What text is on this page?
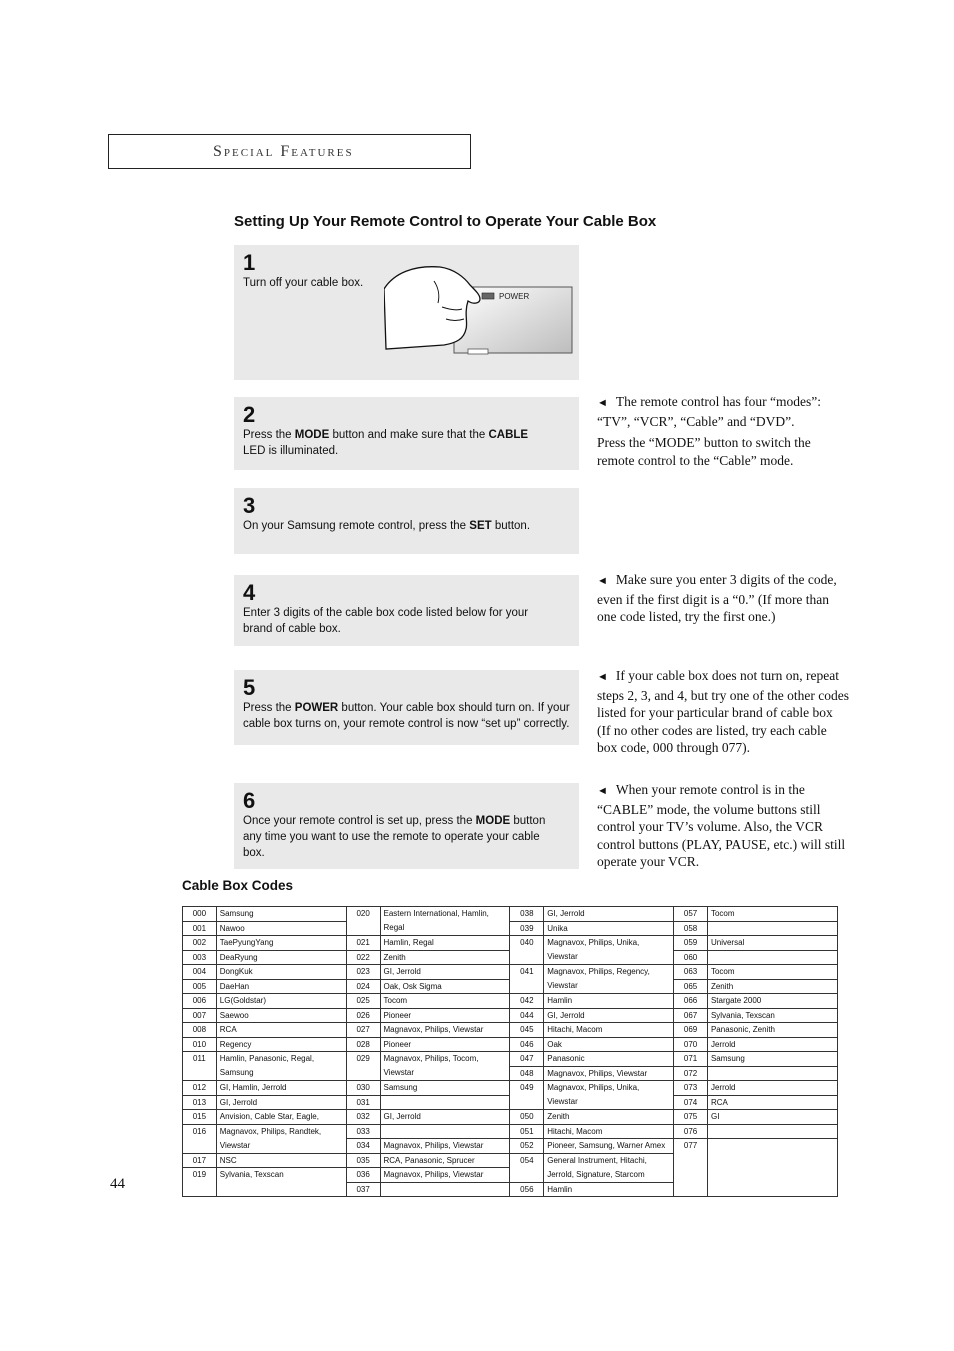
Special Features
Setting Up Your Remote Control to Operate Your Cable Box
1
Turn off your cable box.
POWER
2
Press the MODE button and make sure that the CABLE LED is illuminated.
3
On your Samsung remote control, press the SET button.
4
Enter 3 digits of the cable box code listed below for your brand of cable box.
5
Press the POWER button. Your cable box should turn on. If your cable box turns on, your remote control is now “set up” correctly.
6
Once your remote control is set up, press the MODE button any time you want to use the remote to operate your cable box.

◄ The remote control has four “modes”: “TV”, “VCR”, “Cable” and “DVD”.

Press the “MODE” button to switch the remote control to the “Cable” mode.

◄ Make sure you enter 3 digits of the code, even if the first digit is a “0.” (If more than one code listed, try the first one.)

◄ If your cable box does not turn on, repeat steps 2, 3, and 4, but try one of the other codes listed for your particular brand of cable box (If no other codes are listed, try each cable box code, 000 through 077).

◄ When your remote control is in the “CABLE” mode, the volume buttons still control your TV’s volume. Also, the VCR control buttons (PLAY, PAUSE, etc.) will still operate your VCR.

Cable Box Codes
000	Samsung	020	Eastern International, Hamlin,	038	GI, Jerrold	057	Tocom
001	Nawoo		Regal	039	Unika	058	
002	TaePyungYang	021	Hamlin, Regal	040	Magnavox, Philips, Unika,	059	Universal
003	DeaRyung	022	Zenith		Viewstar	060	
004	DongKuk	023	GI, Jerrold	041	Magnavox, Philips, Regency,	063	Tocom
005	DaeHan	024	Oak, Osk Sigma		Viewstar	065	Zenith
006	LG(Goldstar)	025	Tocom	042	Hamlin	066	Stargate 2000
007	Saewoo	026	Pioneer	044	GI, Jerrold	067	Sylvania, Texscan
008	RCA	027	Magnavox, Philips, Viewstar	045	Hitachi, Macom	069	Panasonic, Zenith
010	Regency	028	Pioneer	046	Oak	070	Jerrold
011	Hamlin, Panasonic, Regal,	029	Magnavox, Philips, Tocom,	047	Panasonic	071	Samsung
	Samsung		Viewstar	048	Magnavox, Philips, Viewstar	072	
012	GI, Hamlin, Jerrold	030	Samsung	049	Magnavox, Philips, Unika,	073	Jerrold
013	GI, Jerrold	031			Viewstar	074	RCA
015	Anvision, Cable Star, Eagle,	032	GI, Jerrold	050	Zenith	075	GI
016	Magnavox, Philips, Randtek,	033		051	Hitachi, Macom	076	
	Viewstar	034	Magnavox, Philips, Viewstar	052	Pioneer, Samsung, Warner Amex	077	
017	NSC	035	RCA, Panasonic, Sprucer	054	General Instrument, Hitachi,		
019	Sylvania, Texscan	036	Magnavox, Philips, Viewstar		Jerrold, Signature, Starcom		
		037		056	Hamlin		
44
